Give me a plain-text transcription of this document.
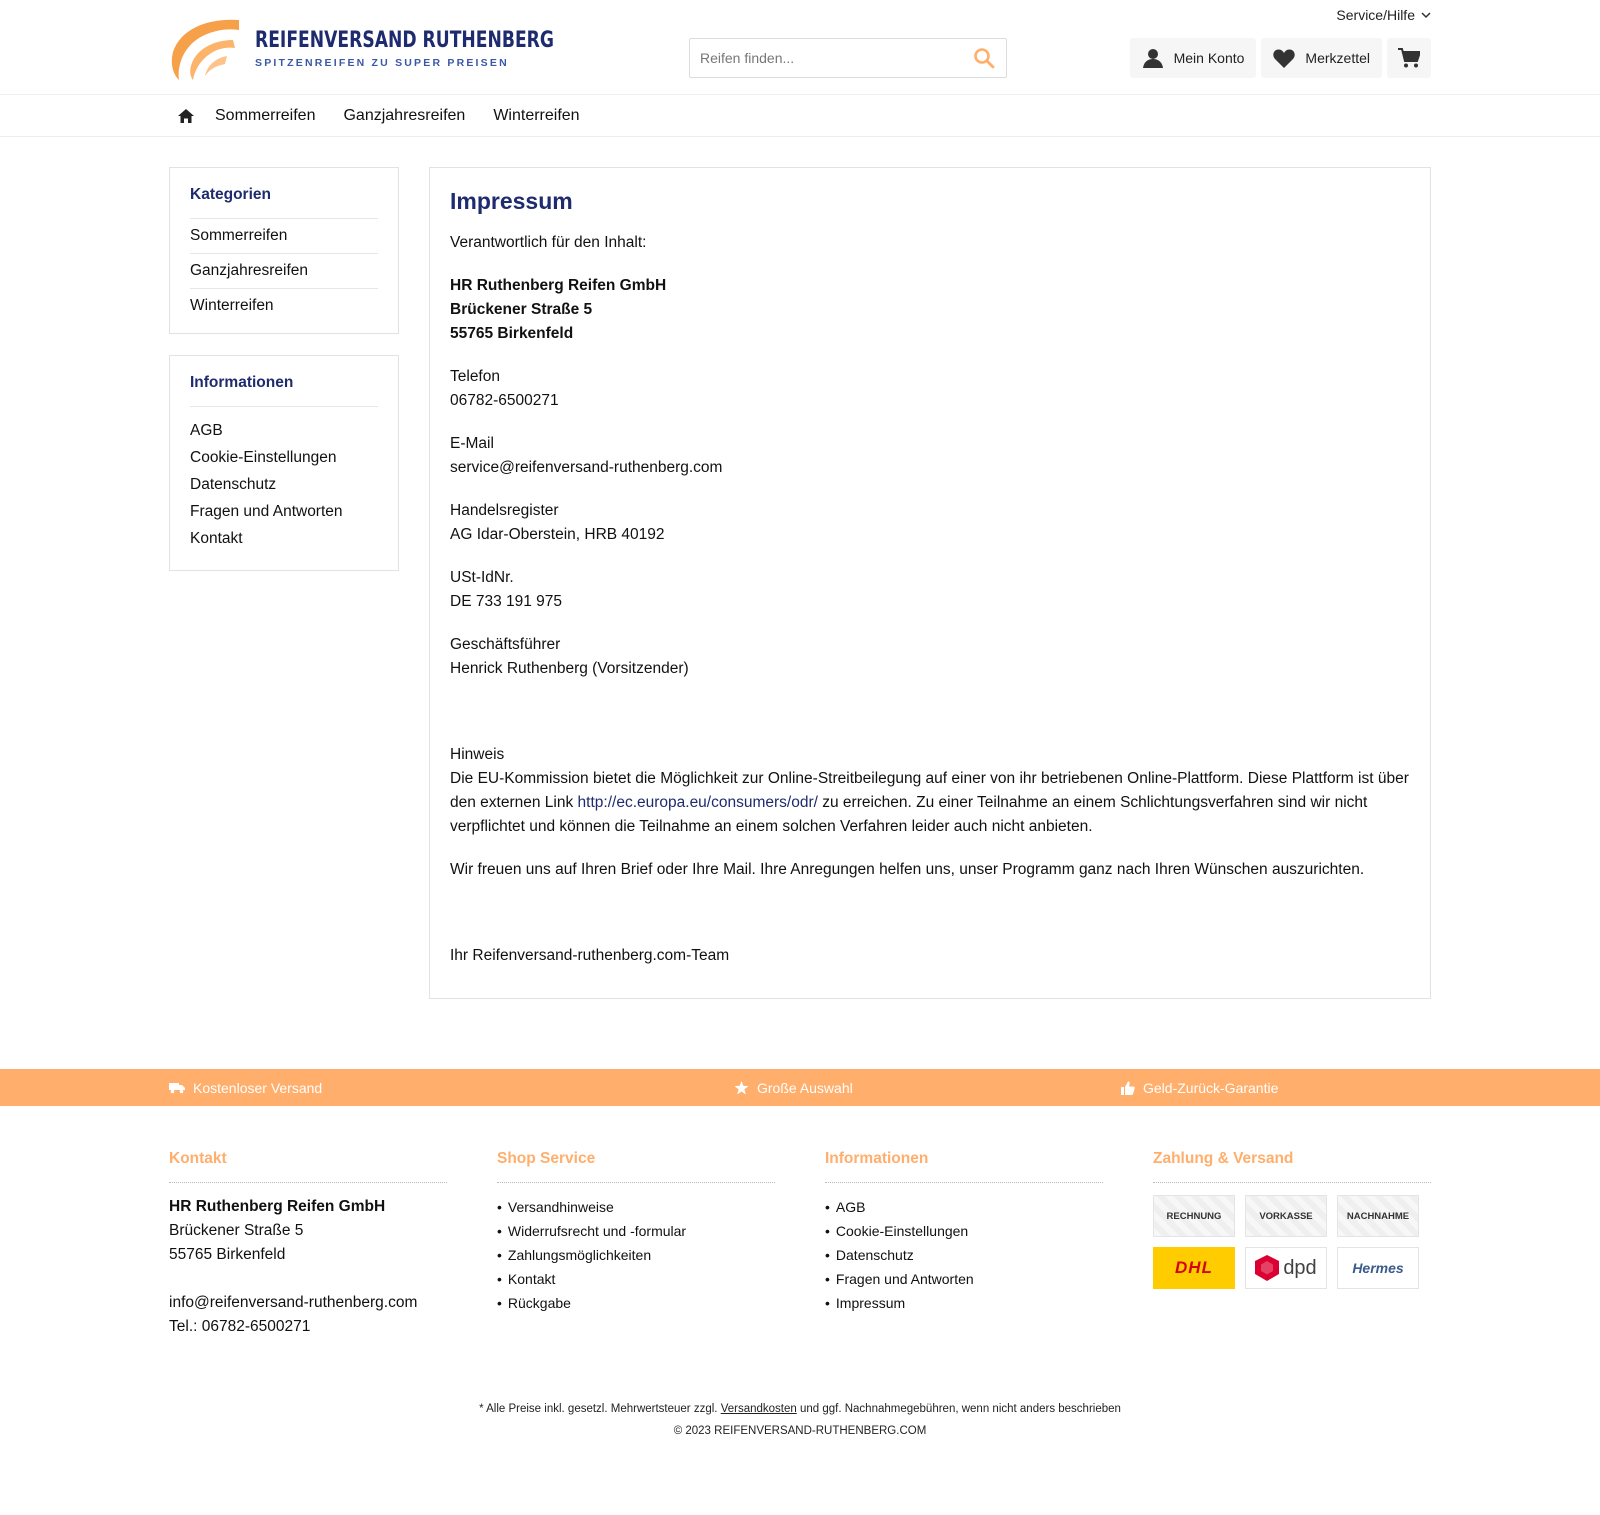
REIFENVERSAND RUTHENBERG
SPITZENREIFEN ZU SUPER PREISEN
Service/Hilfe
Reifen finden...
Mein Konto	Merkzettel
Sommerreifen Ganzjahresreifen Winterreifen
Kategorien
Sommerreifen
Ganzjahresreifen
Winterreifen
Informationen
AGB
Cookie-Einstellungen
Datenschutz
Fragen und Antworten
Kontakt
Impressum

Verantwortlich für den Inhalt:

HR Ruthenberg Reifen GmbH
Brückener Straße 5
55765 Birkenfeld

Telefon
06782-6500271

E-Mail
service@reifenversand-ruthenberg.com

Handelsregister
AG Idar-Oberstein, HRB 40192

USt-IdNr.
DE 733 191 975

Geschäftsführer
Henrick Ruthenberg (Vorsitzender)

Hinweis
Die EU-Kommission bietet die Möglichkeit zur Online-Streitbeilegung auf einer von ihr betriebenen Online-Plattform. Diese Plattform ist über den externen Link http://ec.europa.eu/consumers/odr/ zu erreichen. Zu einer Teilnahme an einem Schlichtungsverfahren sind wir nicht verpflichtet und können die Teilnahme an einem solchen Verfahren leider auch nicht anbieten.

Wir freuen uns auf Ihren Brief oder Ihre Mail. Ihre Anregungen helfen uns, unser Programm ganz nach Ihren Wünschen auszurichten.

Ihr Reifenversand-ruthenberg.com-Team

Kostenloser Versand	Große Auswahl	Geld-Zurück-Garantie
Kontakt

HR Ruthenberg Reifen GmbH
Brückener Straße 5
55765 Birkenfeld

info@reifenversand-ruthenberg.com
Tel.: 06782-6500271

Shop Service
• Versandhinweise
• Widerrufsrecht und -formular
• Zahlungsmöglichkeiten
• Kontakt
• Rückgabe
Informationen
• AGB
• Cookie-Einstellungen
• Datenschutz
• Fragen und Antworten
• Impressum
Zahlung & Versand
RECHNUNG	VORKASSE	NACHNAHME
DHL	dpd	Hermes
* Alle Preise inkl. gesetzl. Mehrwertsteuer zzgl. Versandkosten und ggf. Nachnahmegebühren, wenn nicht anders beschrieben
© 2023 REIFENVERSAND-RUTHENBERG.COM
